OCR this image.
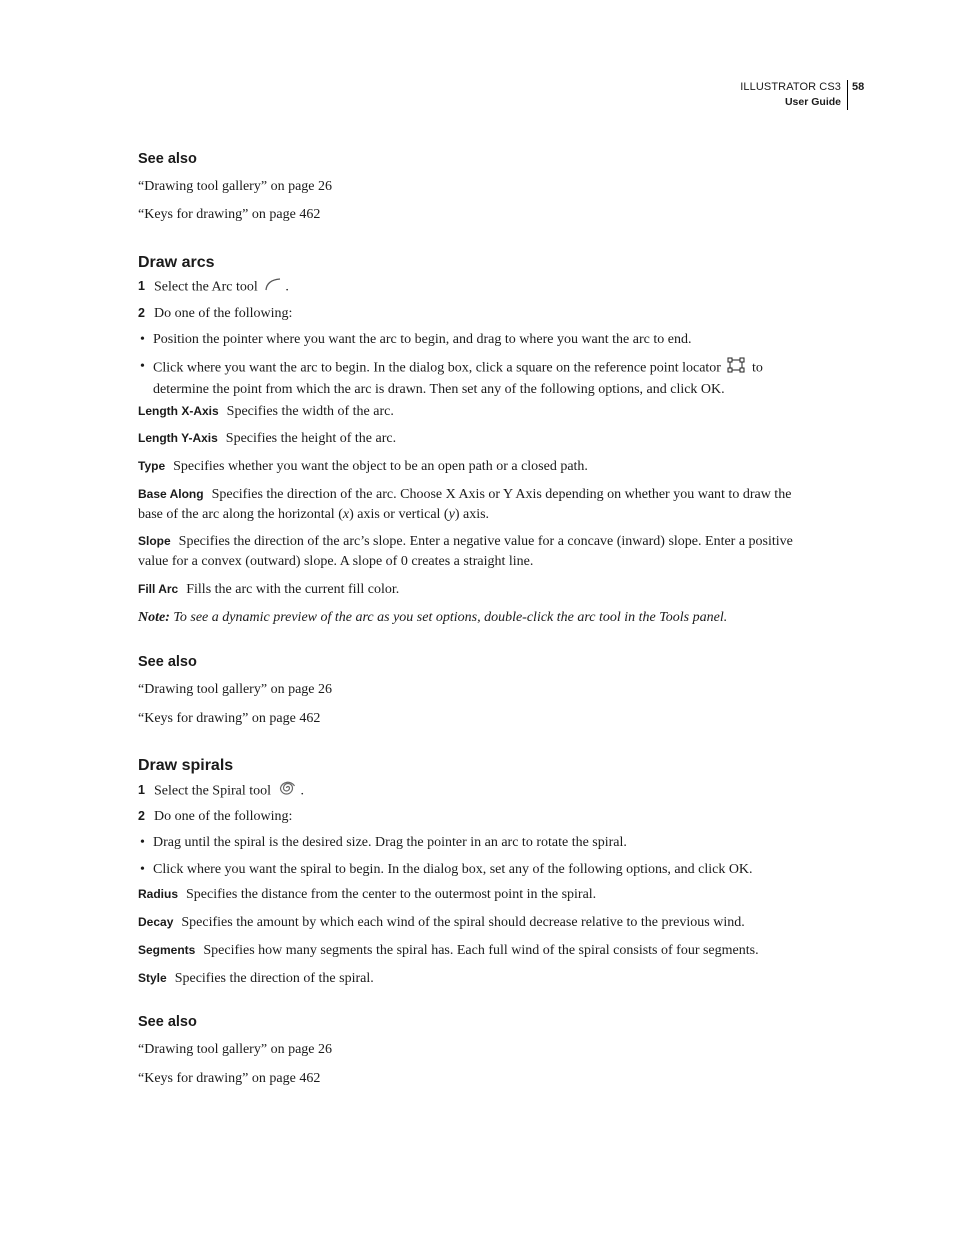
ILLUSTRATOR CS3
User Guide
58
See also
“Drawing tool gallery” on page 26
“Keys for drawing” on page 462
Draw arcs
1 Select the Arc tool .
2 Do one of the following:
• Position the pointer where you want the arc to begin, and drag to where you want the arc to end.
• Click where you want the arc to begin. In the dialog box, click a square on the reference point locator to
determine the point from which the arc is drawn. Then set any of the following options, and click OK.
Length X-Axis Specifies the width of the arc.
Length Y-Axis Specifies the height of the arc.
Type Specifies whether you want the object to be an open path or a closed path.
Base Along Specifies the direction of the arc. Choose X Axis or Y Axis depending on whether you want to draw the
base of the arc along the horizontal (x) axis or vertical (y) axis.
Slope Specifies the direction of the arc’s slope. Enter a negative value for a concave (inward) slope. Enter a positive
value for a convex (outward) slope. A slope of 0 creates a straight line.
Fill Arc Fills the arc with the current fill color.
Note: To see a dynamic preview of the arc as you set options, double-click the arc tool in the Tools panel.
See also
“Drawing tool gallery” on page 26
“Keys for drawing” on page 462
Draw spirals
1 Select the Spiral tool .
2 Do one of the following:
• Drag until the spiral is the desired size. Drag the pointer in an arc to rotate the spiral.
• Click where you want the spiral to begin. In the dialog box, set any of the following options, and click OK.
Radius Specifies the distance from the center to the outermost point in the spiral.
Decay Specifies the amount by which each wind of the spiral should decrease relative to the previous wind.
Segments Specifies how many segments the spiral has. Each full wind of the spiral consists of four segments.
Style Specifies the direction of the spiral.
See also
“Drawing tool gallery” on page 26
“Keys for drawing” on page 462
